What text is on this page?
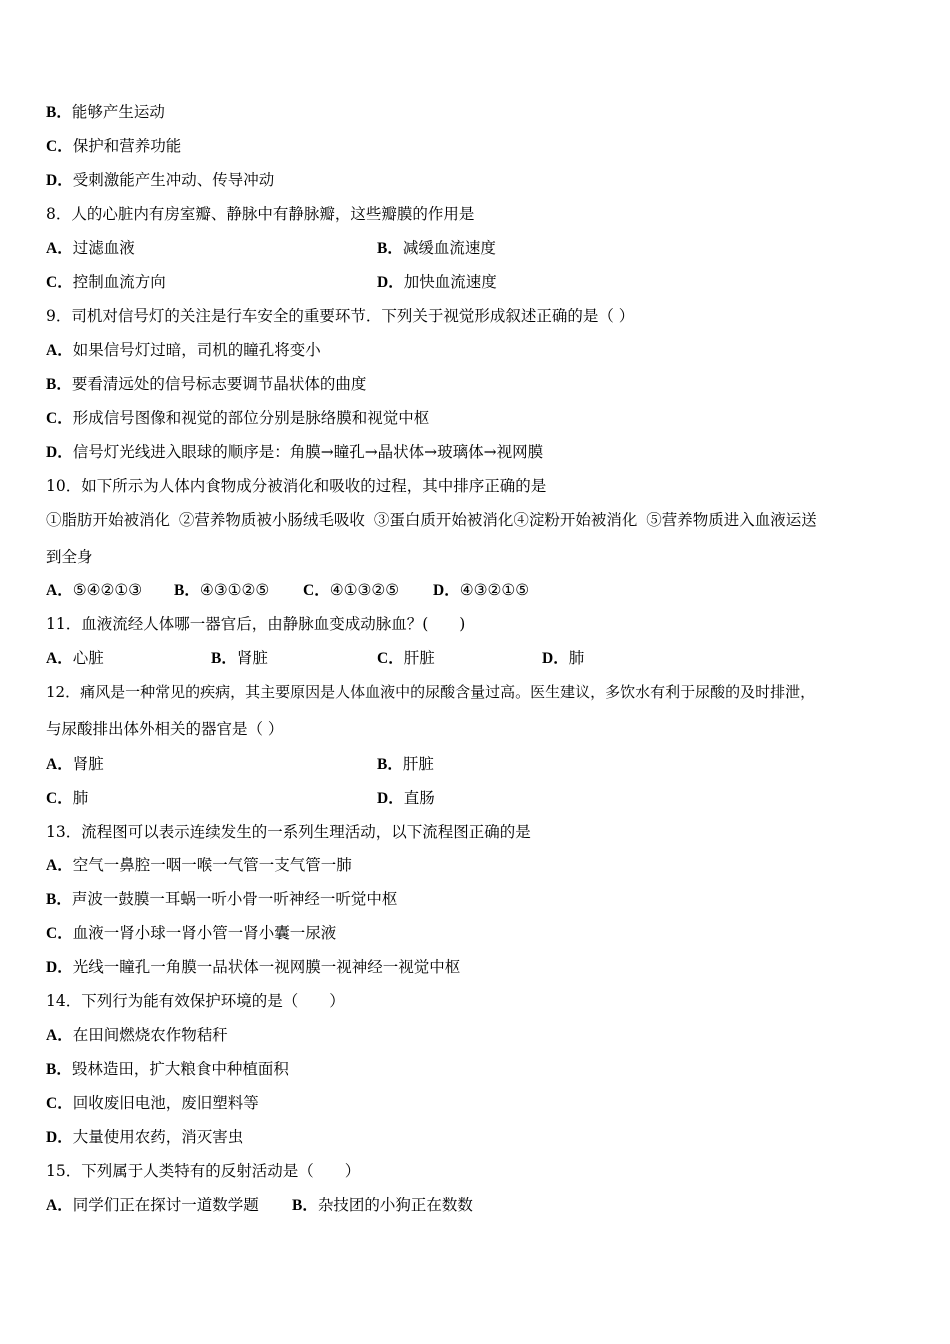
B．能够产生运动
C．保护和营养功能
D．受刺激能产生冲动、传导冲动
8．人的心脏内有房室瓣、静脉中有静脉瓣，这些瓣膜的作用是
A．过滤血液	B．减缓血流速度
C．控制血流方向	D．加快血流速度
9．司机对信号灯的关注是行车安全的重要环节．下列关于视觉形成叙述正确的是（ ）
A．如果信号灯过暗，司机的瞳孔将变小
B．要看清远处的信号标志要调节晶状体的曲度
C．形成信号图像和视觉的部位分别是脉络膜和视觉中枢
D．信号灯光线进入眼球的顺序是：角膜→瞳孔→晶状体→玻璃体→视网膜
10．如下所示为人体内食物成分被消化和吸收的过程，其中排序正确的是
①脂肪开始被消化 ②营养物质被小肠绒毛吸收 ③蛋白质开始被消化④淀粉开始被消化 ⑤营养物质进入血液运送
到全身
A．⑤④②①③ B．④③①②⑤ C．④①③②⑤ D．④③②①⑤
11．血液流经人体哪一器官后，由静脉血变成动脉血？(　　)
A．心脏	B．肾脏	C．肝脏	D．肺
12．痛风是一种常见的疾病，其主要原因是人体血液中的尿酸含量过高。医生建议，多饮水有利于尿酸的及时排泄，
与尿酸排出体外相关的器官是（ ）
A．肾脏	B．肝脏
C．肺	D．直肠
13．流程图可以表示连续发生的一系列生理活动，以下流程图正确的是
A．空气一鼻腔一咽一喉一气管一支气管一肺
B．声波一鼓膜一耳蜗一听小骨一听神经一听觉中枢
C．血液一肾小球一肾小管一肾小囊一尿液
D．光线一瞳孔一角膜一品状体一视网膜一视神经一视觉中枢
14．下列行为能有效保护环境的是（　　）
A．在田间燃烧农作物秸秆
B．毁林造田，扩大粮食中种植面积
C．回收废旧电池，废旧塑料等
D．大量使用农药，消灭害虫
15．下列属于人类特有的反射活动是（　　）
A．同学们正在探讨一道数学题 B．杂技团的小狗正在数数
